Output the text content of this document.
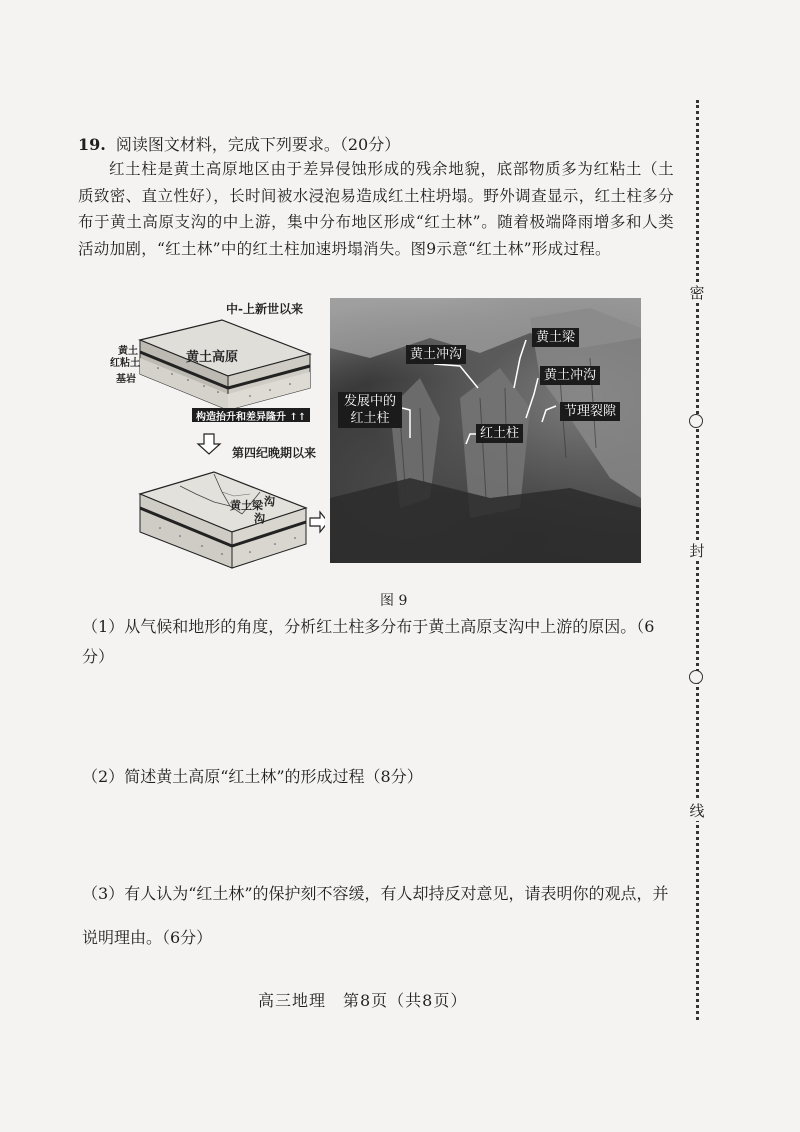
密
封
线
19. 阅读图文材料，完成下列要求。（20分）
红土柱是黄土高原地区由于差异侵蚀形成的残余地貌，底部物质多为红粘土（土质致密、直立性好），长时间被水浸泡易造成红土柱坍塌。野外调查显示，红土柱多分布于黄土高原支沟的中上游，集中分布地区形成“红土林”。随着极端降雨增多和人类活动加剧，“红土林”中的红土柱加速坍塌消失。图9示意“红土林”形成过程。
中-上新世以来
黄土高原
黄土
红粘土
基岩
构造抬升和差异隆升 ↑↑
第四纪晚期以来
黄土梁 沟
沟
黄土冲沟
黄土梁
黄土冲沟
发展中的红土柱
红土柱
节理裂隙
图 9
（1）从气候和地形的角度，分析红土柱多分布于黄土高原支沟中上游的原因。（6分）
（2）简述黄土高原“红土林”的形成过程（8分）
（3）有人认为“红土林”的保护刻不容缓，有人却持反对意见，请表明你的观点，并说明理由。（6分）
高三地理　第8页（共8页）
